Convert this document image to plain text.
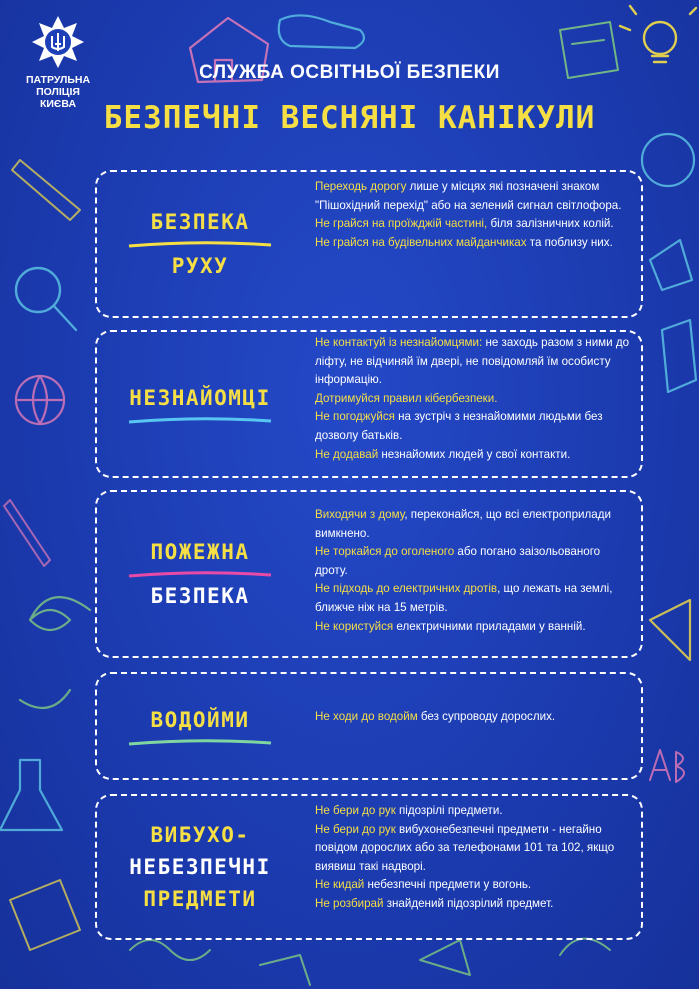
ПАТРУЛЬНА
ПОЛІЦІЯ
КИЄВА
СЛУЖБА ОСВІТНЬОЇ БЕЗПЕКИ
БЕЗПЕЧНІ ВЕСНЯНІ КАНІКУЛИ
БЕЗПЕКА
РУХУ

Переходь дорогу лише у місцях які позначені знаком "Пішохідний перехід" або на зелений сигнал світлофора.

Не грайся на проїжджій частині, біля залізничних колій.

Не грайся на будівельних майданчиках та поблизу них.

НЕЗНАЙОМЦІ

Не контактуй із незнайомцями: не заходь разом з ними до ліфту, не відчиняй їм двері, не повідомляй їм особисту інформацію.

Дотримуйся правил кібербезпеки.

Не погоджуйся на зустріч з незнайомими людьми без дозволу батьків.

Не додавай незнайомих людей у свої контакти.

ПОЖЕЖНА
БЕЗПЕКА

Виходячи з дому, переконайся, що всі електроприлади вимкнено.

Не торкайся до оголеного або погано заізольованого дроту.

Не підходь до електричних дротів, що лежать на землі, ближче ніж на 15 метрів.

Не користуйся електричними приладами у ванній.

ВОДОЙМИ	Не ходи до водойм без супроводу дорослих.

ВИБУХО-
НЕБЕЗПЕЧНІ
ПРЕДМЕТИ

Не бери до рук підозрілі предмети.

Не бери до рук вибухонебезпечні предмети - негайно повідом дорослих або за телефонами 101 та 102, якщо виявиш такі надворі.

Не кидай небезпечні предмети у вогонь.

Не розбирай знайдений підозрілий предмет.
